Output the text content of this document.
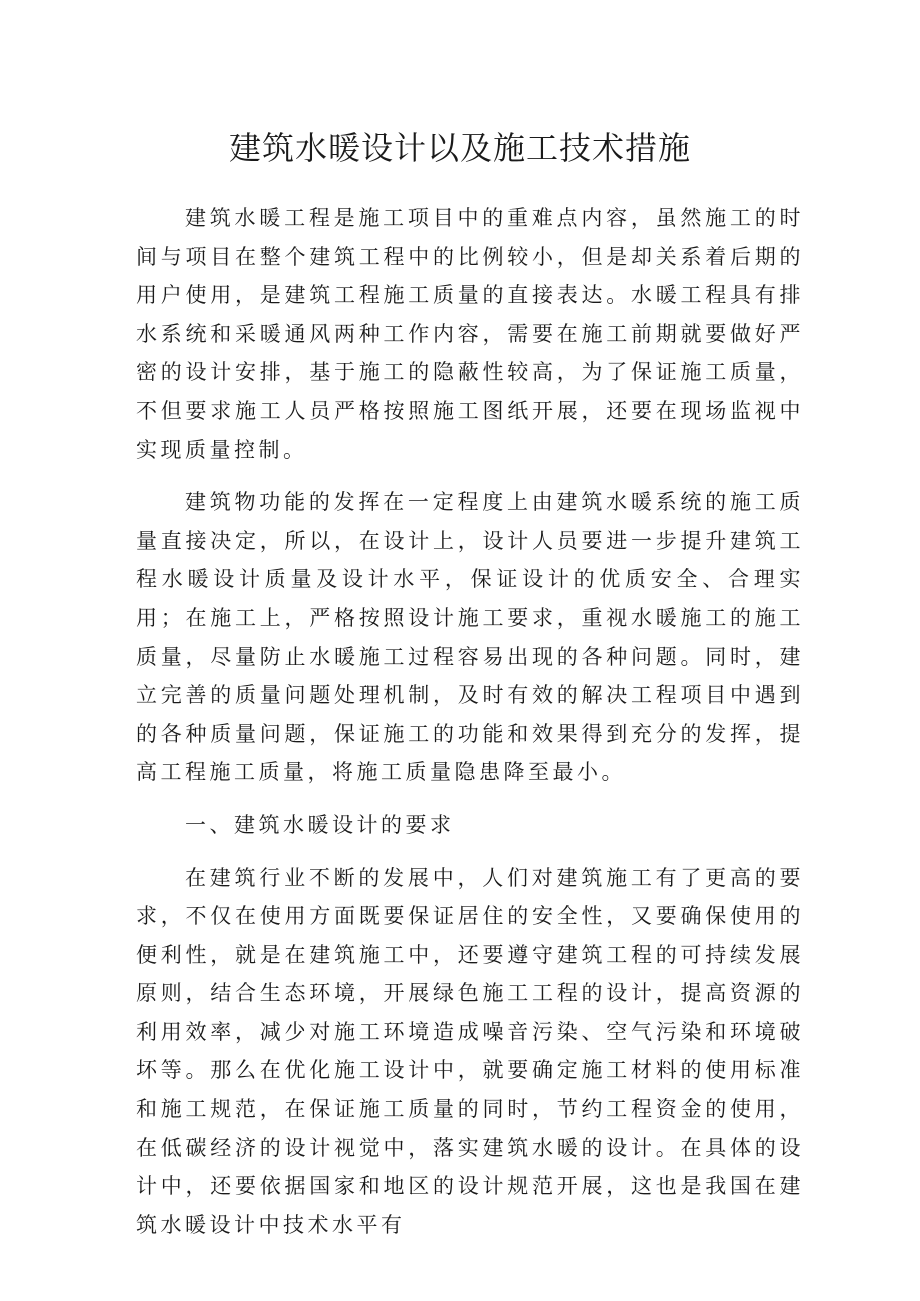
建筑水暖设计以及施工技术措施

建筑水暖工程是施工项目中的重难点内容，虽然施工的时间与项目在整个建筑工程中的比例较小，但是却关系着后期的用户使用，是建筑工程施工质量的直接表达。水暖工程具有排水系统和采暖通风两种工作内容，需要在施工前期就要做好严密的设计安排，基于施工的隐蔽性较高，为了保证施工质量，不但要求施工人员严格按照施工图纸开展，还要在现场监视中实现质量控制。

建筑物功能的发挥在一定程度上由建筑水暖系统的施工质量直接决定，所以，在设计上，设计人员要进一步提升建筑工程水暖设计质量及设计水平，保证设计的优质安全、合理实用；在施工上，严格按照设计施工要求，重视水暖施工的施工质量，尽量防止水暖施工过程容易出现的各种问题。同时，建立完善的质量问题处理机制，及时有效的解决工程项目中遇到的各种质量问题，保证施工的功能和效果得到充分的发挥，提高工程施工质量，将施工质量隐患降至最小。

一、建筑水暖设计的要求

在建筑行业不断的发展中，人们对建筑施工有了更高的要求，不仅在使用方面既要保证居住的安全性，又要确保使用的便利性，就是在建筑施工中，还要遵守建筑工程的可持续发展原则，结合生态环境，开展绿色施工工程的设计，提高资源的利用效率，减少对施工环境造成噪音污染、空气污染和环境破坏等。那么在优化施工设计中，就要确定施工材料的使用标准和施工规范，在保证施工质量的同时，节约工程资金的使用，在低碳经济的设计视觉中，落实建筑水暖的设计。在具体的设计中，还要依据国家和地区的设计规范开展，这也是我国在建筑水暖设计中技术水平有
